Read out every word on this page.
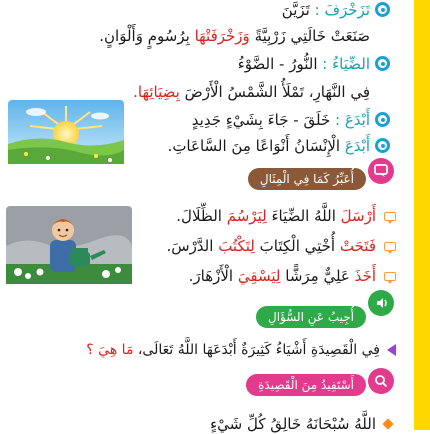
تَزَخْرَفَ : تَزَيَّنَ
صَنَعَتْ خَالَتِي زَرْبِيَّةً وَزَخْرَفَتْهَا بِرُسُومٍ وَأَلْوَانٍ.
الضِّيَاءُ : النُّورُ - الضَّوْءُ
فِي النَّهَارِ، تَمْلَأُ الشَّمْسُ الْأَرْضَ بِضِيَائِهَا.
أَبْدَعَ : خَلَقَ - جَاءَ بِشَيْءٍ جَدِيدٍ
أَبْدَعَ الْإِنْسَانُ أَنْوَاعًا مِنَ السَّاعَاتِ.
أُعَبِّرُ كَمَا فِي الْمِثَالِ
أَرْسَلَ اللَّهُ الضِّيَاءَ لِيَرْسُمَ الظِّلَالَ.
فَتَحَتْ أُخْتِي الْكِتَابَ لِتَكْتُبَ الدَّرْسَ.
أَخَذَ عَلِيٌّ مِرَشًّا لِيَسْقِيَ الْأَزْهَارَ.
أُجِيبُ عَنِ السُّؤَالِ
فِي الْقَصِيدَةِ أَشْيَاءُ كَثِيرَةٌ أَبْدَعَهَا اللَّهُ تَعَالَى، مَا هِيَ ؟
أَسْتَفِيدُ مِنَ الْقَصِيدَةِ
اللَّهُ سُبْحَانَهُ خَالِقُ كُلِّ شَيْءٍ
